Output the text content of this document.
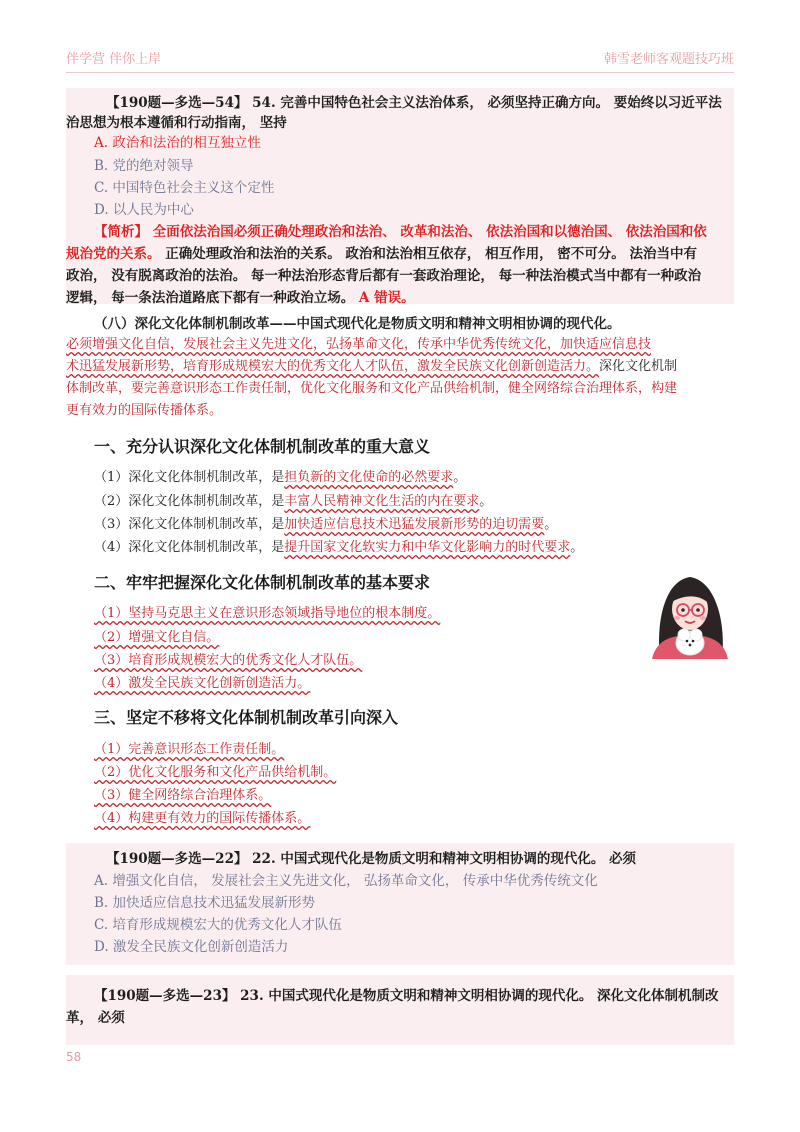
伴学营 伴你上岸	韩雪老师客观题技巧班
【190题—多选—54】 54. 完善中国特色社会主义法治体系， 必须坚持正确方向。 要始终以习近平法
治思想为根本遵循和行动指南， 坚持
A. 政治和法治的相互独立性
B. 党的绝对领导
C. 中国特色社会主义这个定性
D. 以人民为中心
【简析】 全面依法治国必须正确处理政治和法治、 改革和法治、 依法治国和以德治国、 依法治国和依
规治党的关系。 正确处理政治和法治的关系。 政治和法治相互依存， 相互作用， 密不可分。 法治当中有
政治， 没有脱离政治的法治。 每一种法治形态背后都有一套政治理论， 每一种法治模式当中都有一种政治
逻辑， 每一条法治道路底下都有一种政治立场。 A 错误。
（八）深化文化体制机制改革——中国式现代化是物质文明和精神文明相协调的现代化。
必须增强文化自信，发展社会主义先进文化，弘扬革命文化，传承中华优秀传统文化，加快适应信息技
术迅猛发展新形势，培育形成规模宏大的优秀文化人才队伍，激发全民族文化创新创造活力。深化文化机制
体制改革，要完善意识形态工作责任制，优化文化服务和文化产品供给机制，健全网络综合治理体系，构建
更有效力的国际传播体系。
一、充分认识深化文化体制机制改革的重大意义
（1）深化文化体制机制改革，是担负新的文化使命的必然要求。
（2）深化文化体制机制改革，是丰富人民精神文化生活的内在要求。
（3）深化文化体制机制改革，是加快适应信息技术迅猛发展新形势的迫切需要。
（4）深化文化体制机制改革，是提升国家文化软实力和中华文化影响力的时代要求。
二、牢牢把握深化文化体制机制改革的基本要求
（1）坚持马克思主义在意识形态领域指导地位的根本制度。
（2）增强文化自信。
（3）培育形成规模宏大的优秀文化人才队伍。
（4）激发全民族文化创新创造活力。
三、坚定不移将文化体制机制改革引向深入
（1）完善意识形态工作责任制。
（2）优化文化服务和文化产品供给机制。
（3）健全网络综合治理体系。
（4）构建更有效力的国际传播体系。
【190题—多选—22】 22. 中国式现代化是物质文明和精神文明相协调的现代化。 必须
A. 增强文化自信， 发展社会主义先进文化， 弘扬革命文化， 传承中华优秀传统文化
B. 加快适应信息技术迅猛发展新形势
C. 培育形成规模宏大的优秀文化人才队伍
D. 激发全民族文化创新创造活力
【190题—多选—23】 23. 中国式现代化是物质文明和精神文明相协调的现代化。 深化文化体制机制改
革， 必须
58
